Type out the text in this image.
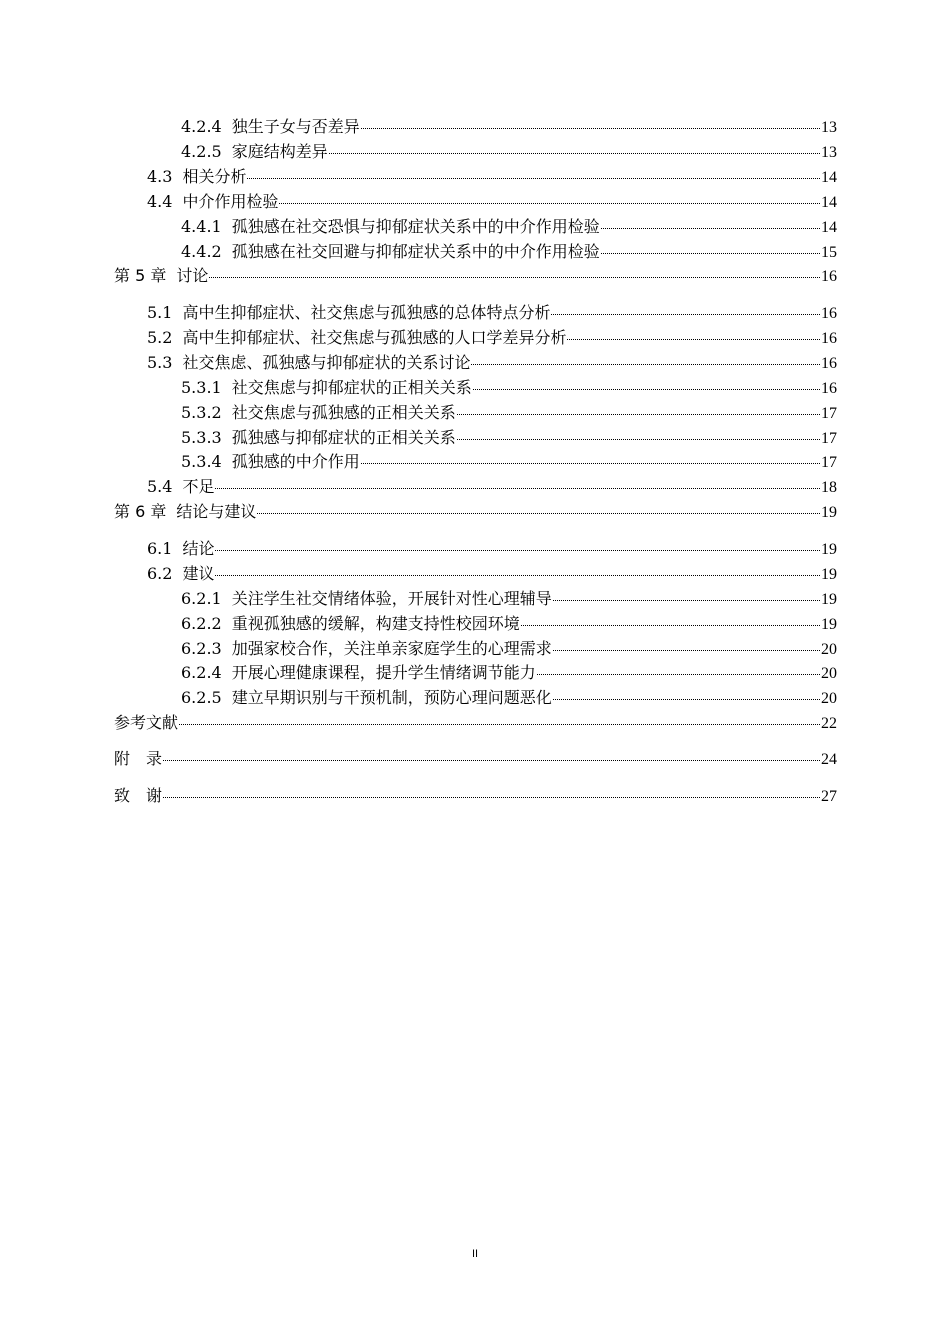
4.2.4 独生子女与否差异	13
4.2.5 家庭结构差异	13
4.3 相关分析	14
4.4 中介作用检验	14
4.4.1 孤独感在社交恐惧与抑郁症状关系中的中介作用检验	14
4.4.2 孤独感在社交回避与抑郁症状关系中的中介作用检验	15
第 5 章 讨论	16
5.1 高中生抑郁症状、社交焦虑与孤独感的总体特点分析	16
5.2 高中生抑郁症状、社交焦虑与孤独感的人口学差异分析	16
5.3 社交焦虑、孤独感与抑郁症状的关系讨论	16
5.3.1 社交焦虑与抑郁症状的正相关关系	16
5.3.2 社交焦虑与孤独感的正相关关系	17
5.3.3 孤独感与抑郁症状的正相关关系	17
5.3.4 孤独感的中介作用	17
5.4 不足	18
第 6 章 结论与建议	19
6.1 结论	19
6.2 建议	19
6.2.1 关注学生社交情绪体验，开展针对性心理辅导	19
6.2.2 重视孤独感的缓解，构建支持性校园环境	19
6.2.3 加强家校合作，关注单亲家庭学生的心理需求	20
6.2.4 开展心理健康课程，提升学生情绪调节能力	20
6.2.5 建立早期识别与干预机制，预防心理问题恶化	20
参考文献	22
附　录	24
致　谢	27
II
